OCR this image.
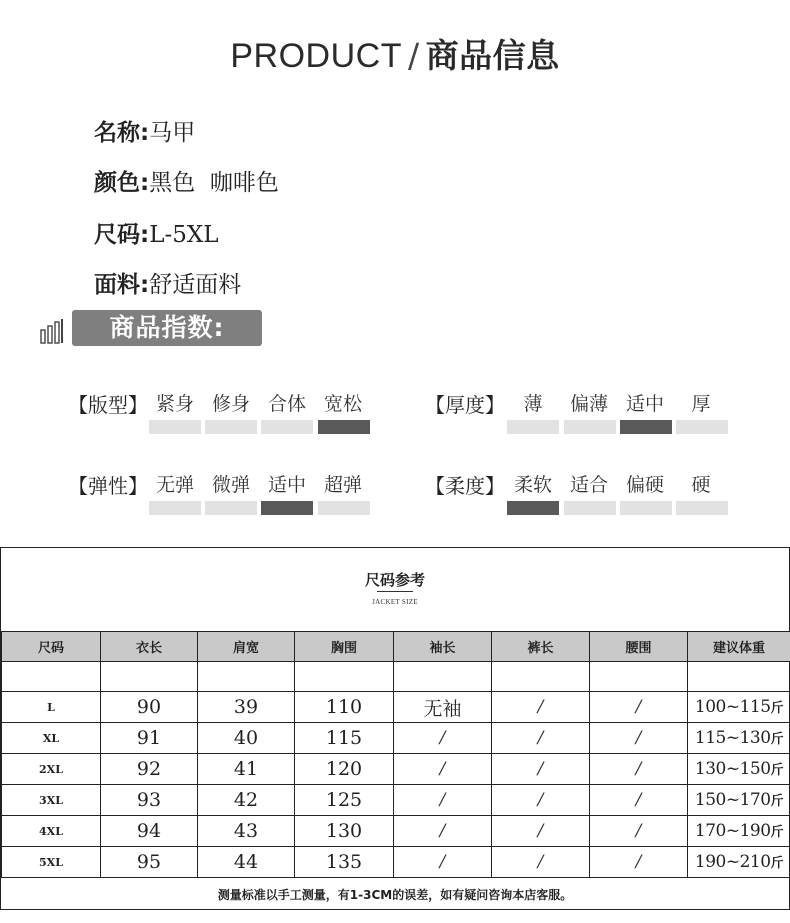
PRODUCT / 商品信息
名称:马甲
颜色:黑色  咖啡色
尺码:L-5XL
面料:舒适面料
商品指数:
【版型】 紧身 修身 合体 宽松	【厚度】 薄	偏薄 适中	厚
【弹性】 无弹 微弹 适中 超弹	【柔度】 柔软 适合 偏硬	硬
尺码参考
JACKET SIZE
尺码	衣长	肩宽	胸围	袖长	裤长	腰围	建议体重

L	90	39	110	无袖	/	/	100~115斤
XL	91	40	115	/	/	/	115~130斤
2XL	92	41	120	/	/	/	130~150斤
3XL	93	42	125	/	/	/	150~170斤
4XL	94	43	130	/	/	/	170~190斤
5XL	95	44	135	/	/	/	190~210斤
测量标准以手工测量，有1-3CM的误差，如有疑问咨询本店客服。
